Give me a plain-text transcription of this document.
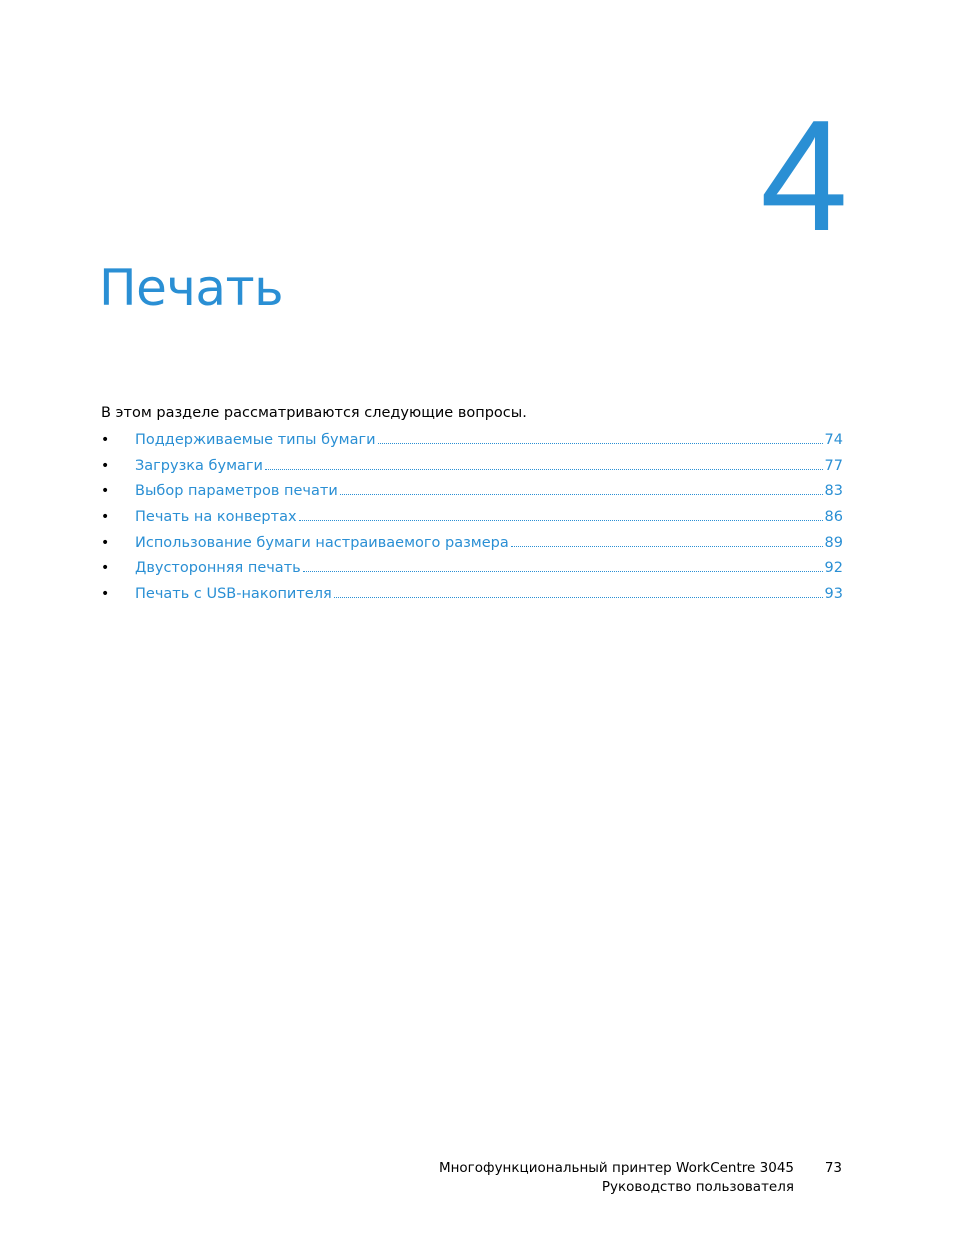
4
Печать
В этом разделе рассматриваются следующие вопросы.
•	Поддерживаемые типы бумаги	74
•	Загрузка бумаги	77
•	Выбор параметров печати	83
•	Печать на конвертах	86
•	Использование бумаги настраиваемого размера	89
•	Двусторонняя печать	92
•	Печать с USB-накопителя	93
Многофункциональный принтер WorkCentre 3045
Руководство пользователя
73
